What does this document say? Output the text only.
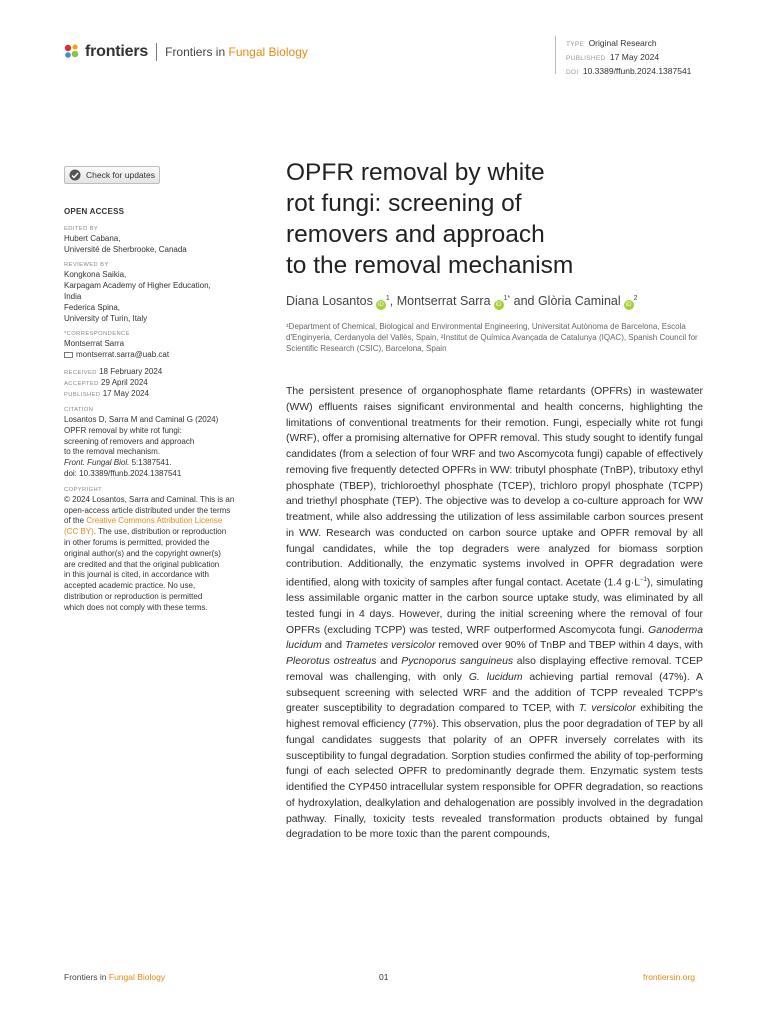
frontiers Frontiers in Fungal Biology
TYPE Original Research
PUBLISHED 17 May 2024
DOI 10.3389/ffunb.2024.1387541
Check for updates
OPEN ACCESS
EDITED BY
Hubert Cabana,
Université de Sherbrooke, Canada
REVIEWED BY
Kongkona Saikia,
Karpagam Academy of Higher Education,
India
Federica Spina,
University of Turin, Italy
*CORRESPONDENCE
Montserrat Sarra
montserrat.sarra@uab.cat
RECEIVED 18 February 2024
ACCEPTED 29 April 2024
PUBLISHED 17 May 2024
CITATION
Losantos D, Sarra M and Caminal G (2024)
OPFR removal by white rot fungi:
screening of removers and approach
to the removal mechanism.
Front. Fungal Biol. 5:1387541.
doi: 10.3389/ffunb.2024.1387541
COPYRIGHT
© 2024 Losantos, Sarra and Caminal. This is an
open-access article distributed under the terms
of the Creative Commons Attribution License
(CC BY). The use, distribution or reproduction
in other forums is permitted, provided the
original author(s) and the copyright owner(s)
are credited and that the original publication
in this journal is cited, in accordance with
accepted academic practice. No use,
distribution or reproduction is permitted
which does not comply with these terms.
OPFR removal by white
rot fungi: screening of
removers and approach
to the removal mechanism
Diana Losantos $iD^1$, Montserrat Sarra $iD^{1*}$ and Glòria Caminal $iD^2$
¹Department of Chemical, Biological and Environmental Engineering, Universitat Autònoma de Barcelona, Escola d'Enginyeria, Cerdanyola del Vallès, Spain, ²Institut de Química Avançada de Catalunya (IQAC), Spanish Council for Scientific Research (CSIC), Barcelona, Spain

The persistent presence of organophosphate flame retardants (OPFRs) in wastewater (WW) effluents raises significant environmental and health concerns, highlighting the limitations of conventional treatments for their remotion. Fungi, especially white rot fungi (WRF), offer a promising alternative for OPFR removal. This study sought to identify fungal candidates (from a selection of four WRF and two Ascomycota fungi) capable of effectively removing five frequently detected OPFRs in WW: tributyl phosphate (TnBP), tributoxy ethyl phosphate (TBEP), trichloroethyl phosphate (TCEP), trichloro propyl phosphate (TCPP) and triethyl phosphate (TEP). The objective was to develop a co-culture approach for WW treatment, while also addressing the utilization of less assimilable carbon sources present in WW. Research was conducted on carbon source uptake and OPFR removal by all fungal candidates, while the top degraders were analyzed for biomass sorption contribution. Additionally, the enzymatic systems involved in OPFR degradation were identified, along with toxicity of samples after fungal contact. Acetate (1.4 $g\cdot L^{-1}$), simulating less assimilable organic matter in the carbon source uptake study, was eliminated by all tested fungi in 4 days. However, during the initial screening where the removal of four OPFRs (excluding TCPP) was tested, WRF outperformed Ascomycota fungi. Ganoderma lucidum and Trametes versicolor removed over 90% of TnBP and TBEP within 4 days, with Pleorotus ostreatus and Pycnoporus sanguineus also displaying effective removal. TCEP removal was challenging, with only G. lucidum achieving partial removal (47%). A subsequent screening with selected WRF and the addition of TCPP revealed TCPP's greater susceptibility to degradation compared to TCEP, with T. versicolor exhibiting the highest removal efficiency (77%). This observation, plus the poor degradation of TEP by all fungal candidates suggests that polarity of an OPFR inversely correlates with its susceptibility to fungal degradation. Sorption studies confirmed the ability of top-performing fungi of each selected OPFR to predominantly degrade them. Enzymatic system tests identified the CYP450 intracellular system responsible for OPFR degradation, so reactions of hydroxylation, dealkylation and dehalogenation are possibly involved in the degradation pathway. Finally, toxicity tests revealed transformation products obtained by fungal degradation to be more toxic than the parent compounds,

Frontiers in Fungal Biology	01	frontiersin.org
